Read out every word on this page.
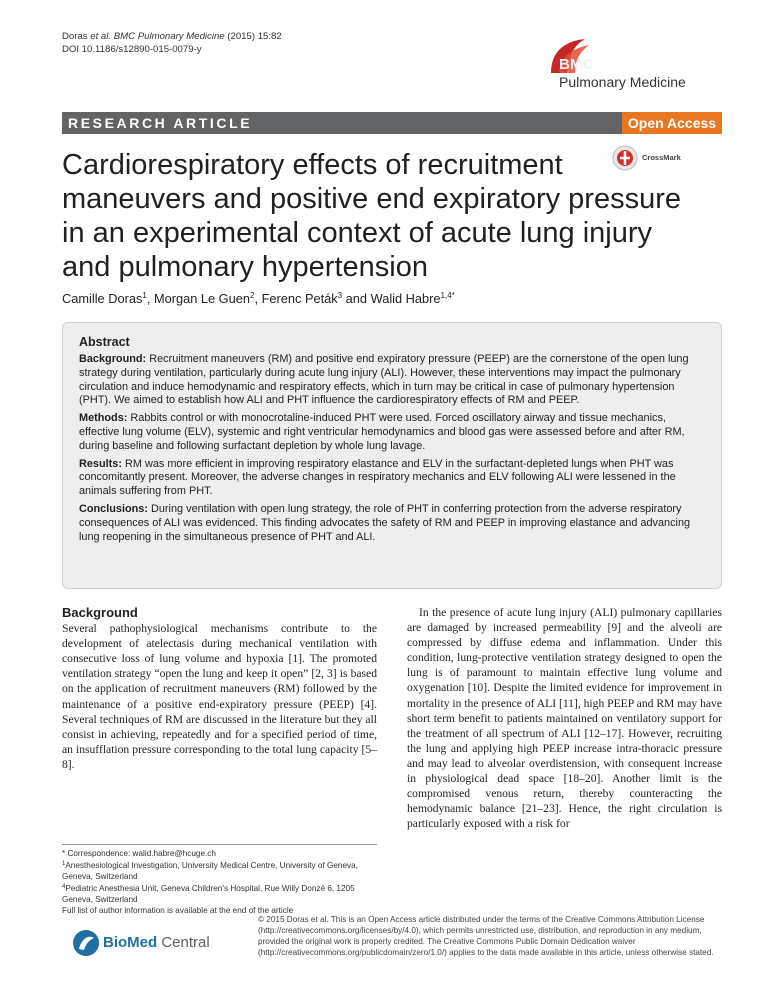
Doras et al. BMC Pulmonary Medicine (2015) 15:82
DOI 10.1186/s12890-015-0079-y
BMC
Pulmonary Medicine
RESEARCH ARTICLE	Open Access
Cardiorespiratory effects of recruitment maneuvers and positive end expiratory pressure in an experimental context of acute lung injury and pulmonary hypertension
CrossMark
Camille Doras$^1$, Morgan Le Guen$^2$, Ferenc Peták$^3$ and Walid Habre$^{1,4*}$
Abstract

Background: Recruitment maneuvers (RM) and positive end expiratory pressure (PEEP) are the cornerstone of the open lung strategy during ventilation, particularly during acute lung injury (ALI). However, these interventions may impact the pulmonary circulation and induce hemodynamic and respiratory effects, which in turn may be critical in case of pulmonary hypertension (PHT). We aimed to establish how ALI and PHT influence the cardiorespiratory effects of RM and PEEP.

Methods: Rabbits control or with monocrotaline-induced PHT were used. Forced oscillatory airway and tissue mechanics, effective lung volume (ELV), systemic and right ventricular hemodynamics and blood gas were assessed before and after RM, during baseline and following surfactant depletion by whole lung lavage.

Results: RM was more efficient in improving respiratory elastance and ELV in the surfactant-depleted lungs when PHT was concomitantly present. Moreover, the adverse changes in respiratory mechanics and ELV following ALI were lessened in the animals suffering from PHT.

Conclusions: During ventilation with open lung strategy, the role of PHT in conferring protection from the adverse respiratory consequences of ALI was evidenced. This finding advocates the safety of RM and PEEP in improving elastance and advancing lung reopening in the simultaneous presence of PHT and ALI.

Background

Several pathophysiological mechanisms contribute to the development of atelectasis during mechanical ventilation with consecutive loss of lung volume and hypoxia [1]. The promoted ventilation strategy “open the lung and keep it open” [2, 3] is based on the application of recruitment maneuvers (RM) followed by the maintenance of a positive end-expiratory pressure (PEEP) [4]. Several techniques of RM are discussed in the literature but they all consist in achieving, repeatedly and for a specified period of time, an insufflation pressure corresponding to the total lung capacity [5–8].

In the presence of acute lung injury (ALI) pulmonary capillaries are damaged by increased permeability [9] and the alveoli are compressed by diffuse edema and inflammation. Under this condition, lung-protective ventilation strategy designed to open the lung is of paramount to maintain effective lung volume and oxygenation [10]. Despite the limited evidence for improvement in mortality in the presence of ALI [11], high PEEP and RM may have short term benefit to patients maintained on ventilatory support for the treatment of all spectrum of ALI [12–17]. However, recruiting the lung and applying high PEEP increase intra-thoracic pressure and may lead to alveolar overdistension, with consequent increase in physiological dead space [18–20]. Another limit is the compromised venous return, thereby counteracting the hemodynamic balance [21–23]. Hence, the right circulation is particularly exposed with a risk for

* Correspondence: walid.habre@hcuge.ch
$^1$Anesthesiological Investigation, University Medical Centre, University of Geneva, Geneva, Switzerland
$^4$Pediatric Anesthesia Unit, Geneva Children’s Hospital, Rue Willy Donzé 6, 1205 Geneva, Switzerland
Full list of author information is available at the end of the article
BioMed Central
© 2015 Doras et al. This is an Open Access article distributed under the terms of the Creative Commons Attribution License (http://creativecommons.org/licenses/by/4.0), which permits unrestricted use, distribution, and reproduction in any medium, provided the original work is properly credited. The Creative Commons Public Domain Dedication waiver (http://creativecommons.org/publicdomain/zero/1.0/) applies to the data made available in this article, unless otherwise stated.
